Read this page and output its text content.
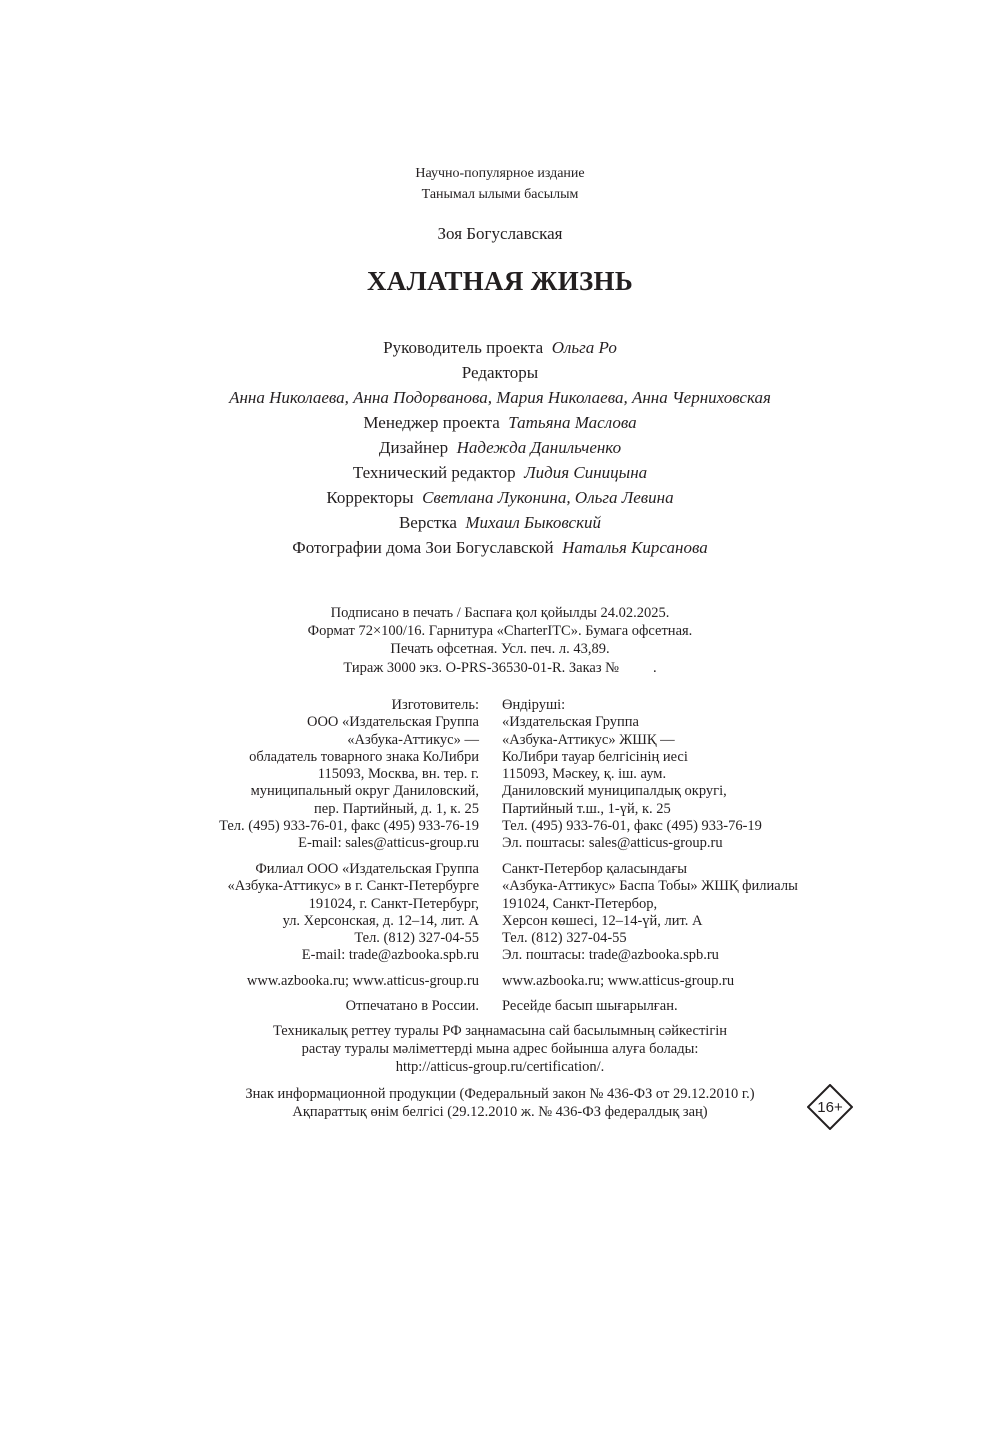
Научно-популярное издание
Танымал ылыми басылым
Зоя Богуславская
ХАЛАТНАЯ ЖИЗНЬ
Руководитель проекта Ольга Ро
Редакторы
Анна Николаева, Анна Подорванова, Мария Николаева, Анна Черниховская
Менеджер проекта Татьяна Маслова
Дизайнер Надежда Данильченко
Технический редактор Лидия Синицына
Корректоры Светлана Луконина, Ольга Левина
Верстка Михаил Быковский
Фотографии дома Зои Богуславской Наталья Кирсанова
Подписано в печать / Баспаға қол қойылды 24.02.2025.
Формат 72×100/16. Гарнитура «CharterITC». Бумага офсетная.
Печать офсетная. Усл. печ. л. 43,89.
Тираж 3000 экз. O-PRS-36530-01-R. Заказ № .
Изготовитель:
ООО «Издательская Группа
«Азбука-Аттикус» —
обладатель товарного знака КоЛибри
115093, Москва, вн. тер. г.
муниципальный округ Даниловский,
пер. Партийный, д. 1, к. 25
Тел. (495) 933-76-01, факс (495) 933-76-19
E-mail: sales@atticus-group.ru
Өндіруші:
«Издательская Группа
«Азбука-Аттикус» ЖШҚ —
КоЛибри тауар белгісінің иесі
115093, Мәскеу, қ. іш. аум.
Даниловский муниципалдық округі,
Партийный т.ш., 1-үй, к. 25
Тел. (495) 933-76-01, факс (495) 933-76-19
Эл. поштасы: sales@atticus-group.ru
Филиал ООО «Издательская Группа
«Азбука-Аттикус» в г. Санкт-Петербурге
191024, г. Санкт-Петербург,
ул. Херсонская, д. 12–14, лит. А
Тел. (812) 327-04-55
E-mail: trade@azbooka.spb.ru
Санкт-Петербор қаласындағы
«Азбука-Аттикус» Баспа Тобы» ЖШҚ филиалы
191024, Санкт-Петербор,
Херсон көшесі, 12–14-үй, лит. А
Тел. (812) 327-04-55
Эл. поштасы: trade@azbooka.spb.ru
www.azbooka.ru; www.atticus-group.ru www.azbooka.ru; www.atticus-group.ru
Отпечатано в России. Ресейде басып шығарылған.
Техникалық реттеу туралы РФ заңнамасына сай басылымның сәйкестігін
растау туралы мәліметтерді мына адрес бойынша алуға болады:
http://atticus-group.ru/certification/.
Знак информационной продукции (Федеральный закон № 436-ФЗ от 29.12.2010 г.)
Ақпараттық өнім белгісі (29.12.2010 ж. № 436-ФЗ федералдық заң)	16+
